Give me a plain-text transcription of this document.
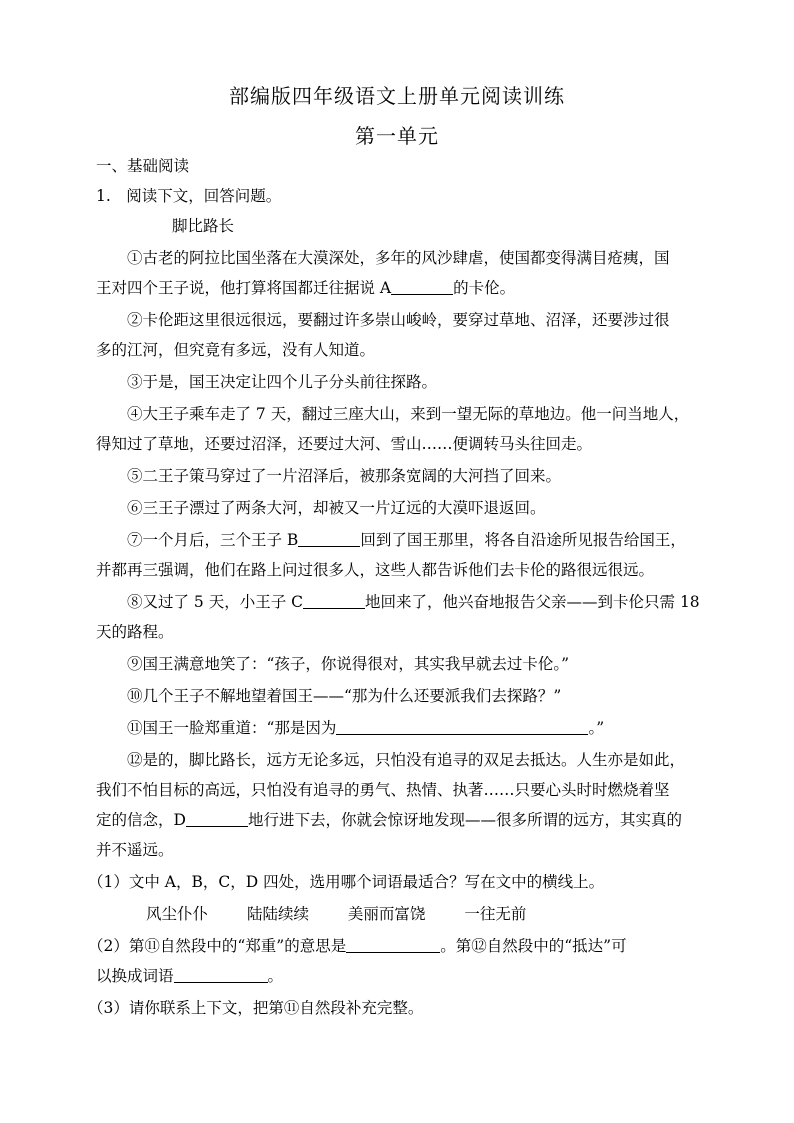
部编版四年级语文上册单元阅读训练
第一单元
一、基础阅读
1.　阅读下文，回答问题。
脚比路长
①古老的阿拉比国坐落在大漠深处，多年的风沙肆虐，使国都变得满目疮痍，国
王对四个王子说，他打算将国都迁往据说 A	的卡伦。
②卡伦距这里很远很远，要翻过许多崇山峻岭，要穿过草地、沼泽，还要涉过很
多的江河，但究竟有多远，没有人知道。
③于是，国王决定让四个儿子分头前往探路。
④大王子乘车走了 7 天，翻过三座大山，来到一望无际的草地边。他一问当地人，
得知过了草地，还要过沼泽，还要过大河、雪山……便调转马头往回走。
⑤二王子策马穿过了一片沼泽后，被那条宽阔的大河挡了回来。
⑥三王子漂过了两条大河，却被又一片辽远的大漠吓退返回。
⑦一个月后，三个王子 B	回到了国王那里，将各自沿途所见报告给国王，
并都再三强调，他们在路上问过很多人，这些人都告诉他们去卡伦的路很远很远。
⑧又过了 5 天，小王子 C	地回来了，他兴奋地报告父亲——到卡伦只需 18
天的路程。
⑨国王满意地笑了：“孩子，你说得很对，其实我早就去过卡伦。”
⑩几个王子不解地望着国王——“那为什么还要派我们去探路？”
⑪国王一脸郑重道：“那是因为	。”
⑫是的，脚比路长，远方无论多远，只怕没有追寻的双足去抵达。人生亦是如此，
我们不怕目标的高远，只怕没有追寻的勇气、热情、执著……只要心头时时燃烧着坚
定的信念，D	地行进下去，你就会惊讶地发现——很多所谓的远方，其实真的
并不遥远。
（1）文中 A，B，C，D 四处，选用哪个词语最适合？写在文中的横线上。
风尘仆仆	陆陆续续	美丽而富饶	一往无前
（2）第⑪自然段中的“郑重”的意思是	。第⑫自然段中的“抵达”可
以换成词语	。
（3）请你联系上下文，把第⑪自然段补充完整。
